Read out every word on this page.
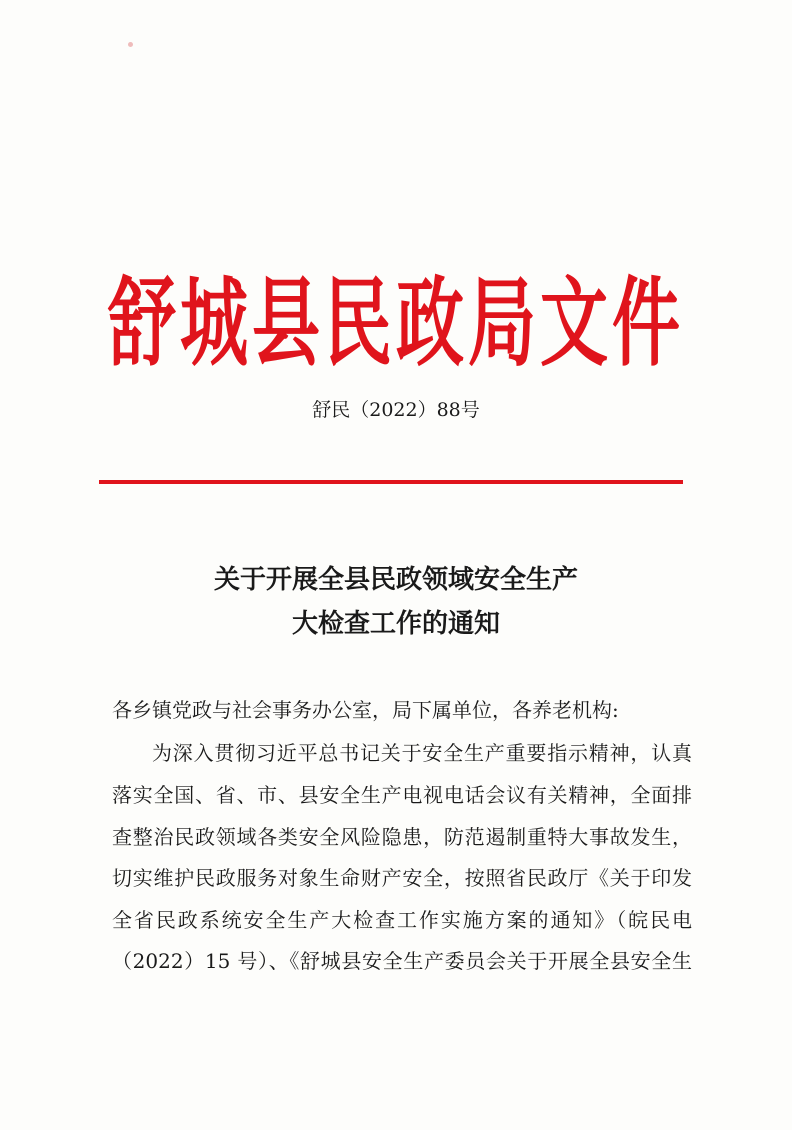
舒城县民政局文件
舒民（2022）88号
关于开展全县民政领域安全生产
大检查工作的通知
各乡镇党政与社会事务办公室，局下属单位，各养老机构:
为深入贯彻习近平总书记关于安全生产重要指示精神，认真
落实全国、省、市、县安全生产电视电话会议有关精神，全面排
查整治民政领域各类安全风险隐患，防范遏制重特大事故发生，
切实维护民政服务对象生命财产安全，按照省民政厅《关于印发
全省民政系统安全生产大检查工作实施方案的通知》（皖民电
（2022）15 号）、《舒城县安全生产委员会关于开展全县安全生
